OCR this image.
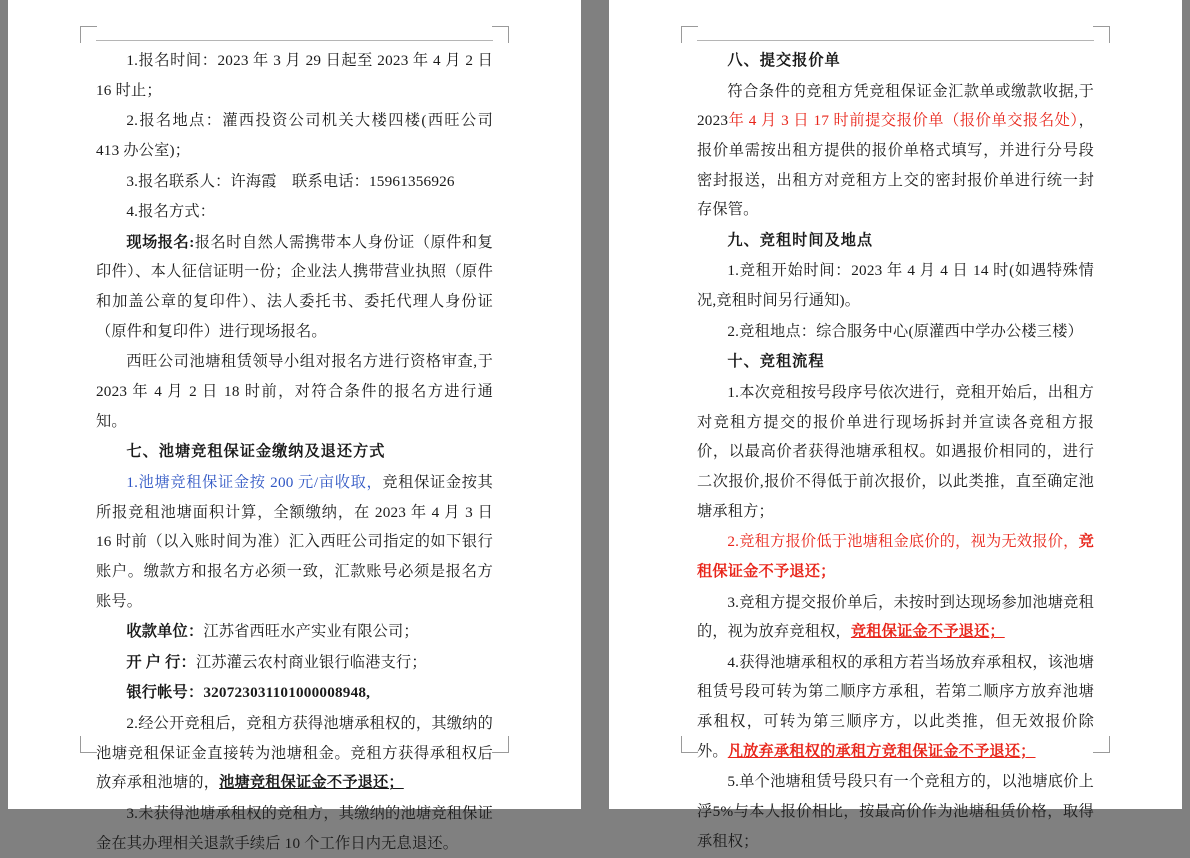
1.报名时间：2023 年 3 月 29 日起至 2023 年 4 月 2 日 16 时止；

2.报名地点：灌西投资公司机关大楼四楼(西旺公司 413 办公室)；

3.报名联系人：许海霞　联系电话：15961356926

4.报名方式：

现场报名:报名时自然人需携带本人身份证（原件和复印件）、本人征信证明一份；企业法人携带营业执照（原件和加盖公章的复印件）、法人委托书、委托代理人身份证（原件和复印件）进行现场报名。

西旺公司池塘租赁领导小组对报名方进行资格审查,于2023 年 4 月 2 日 18 时前，对符合条件的报名方进行通知。

七、池塘竞租保证金缴纳及退还方式

1.池塘竞租保证金按 200 元/亩收取，竞租保证金按其所报竞租池塘面积计算，全额缴纳，在 2023 年 4 月 3 日 16 时前（以入账时间为准）汇入西旺公司指定的如下银行账户。缴款方和报名方必须一致，汇款账号必须是报名方账号。

收款单位：江苏省西旺水产实业有限公司；

开 户 行：江苏灌云农村商业银行临港支行；

银行帐号：320723031101000008948,

2.经公开竞租后，竞租方获得池塘承租权的，其缴纳的池塘竞租保证金直接转为池塘租金。竞租方获得承租权后放弃承租池塘的，池塘竞租保证金不予退还；

3.未获得池塘承租权的竞租方，其缴纳的池塘竞租保证金在其办理相关退款手续后 10 个工作日内无息退还。

八、提交报价单

符合条件的竞租方凭竞租保证金汇款单或缴款收据,于2023年 4 月 3 日 17 时前提交报价单（报价单交报名处），报价单需按出租方提供的报价单格式填写，并进行分号段密封报送，出租方对竞租方上交的密封报价单进行统一封存保管。

九、竞租时间及地点

1.竞租开始时间：2023 年 4 月 4 日 14 时(如遇特殊情况,竞租时间另行通知)。

2.竞租地点：综合服务中心(原灌西中学办公楼三楼）

十、竞租流程

1.本次竞租按号段序号依次进行，竞租开始后，出租方对竞租方提交的报价单进行现场拆封并宣读各竞租方报价，以最高价者获得池塘承租权。如遇报价相同的，进行二次报价,报价不得低于前次报价，以此类推，直至确定池塘承租方；

2.竞租方报价低于池塘租金底价的，视为无效报价，竞租保证金不予退还；

3.竞租方提交报价单后，未按时到达现场参加池塘竞租的，视为放弃竞租权，竞租保证金不予退还；

4.获得池塘承租权的承租方若当场放弃承租权，该池塘租赁号段可转为第二顺序方承租，若第二顺序方放弃池塘承租权，可转为第三顺序方，以此类推，但无效报价除外。凡放弃承租权的承租方竞租保证金不予退还；

5.单个池塘租赁号段只有一个竞租方的，以池塘底价上浮5%与本人报价相比，按最高价作为池塘租赁价格，取得承租权；
